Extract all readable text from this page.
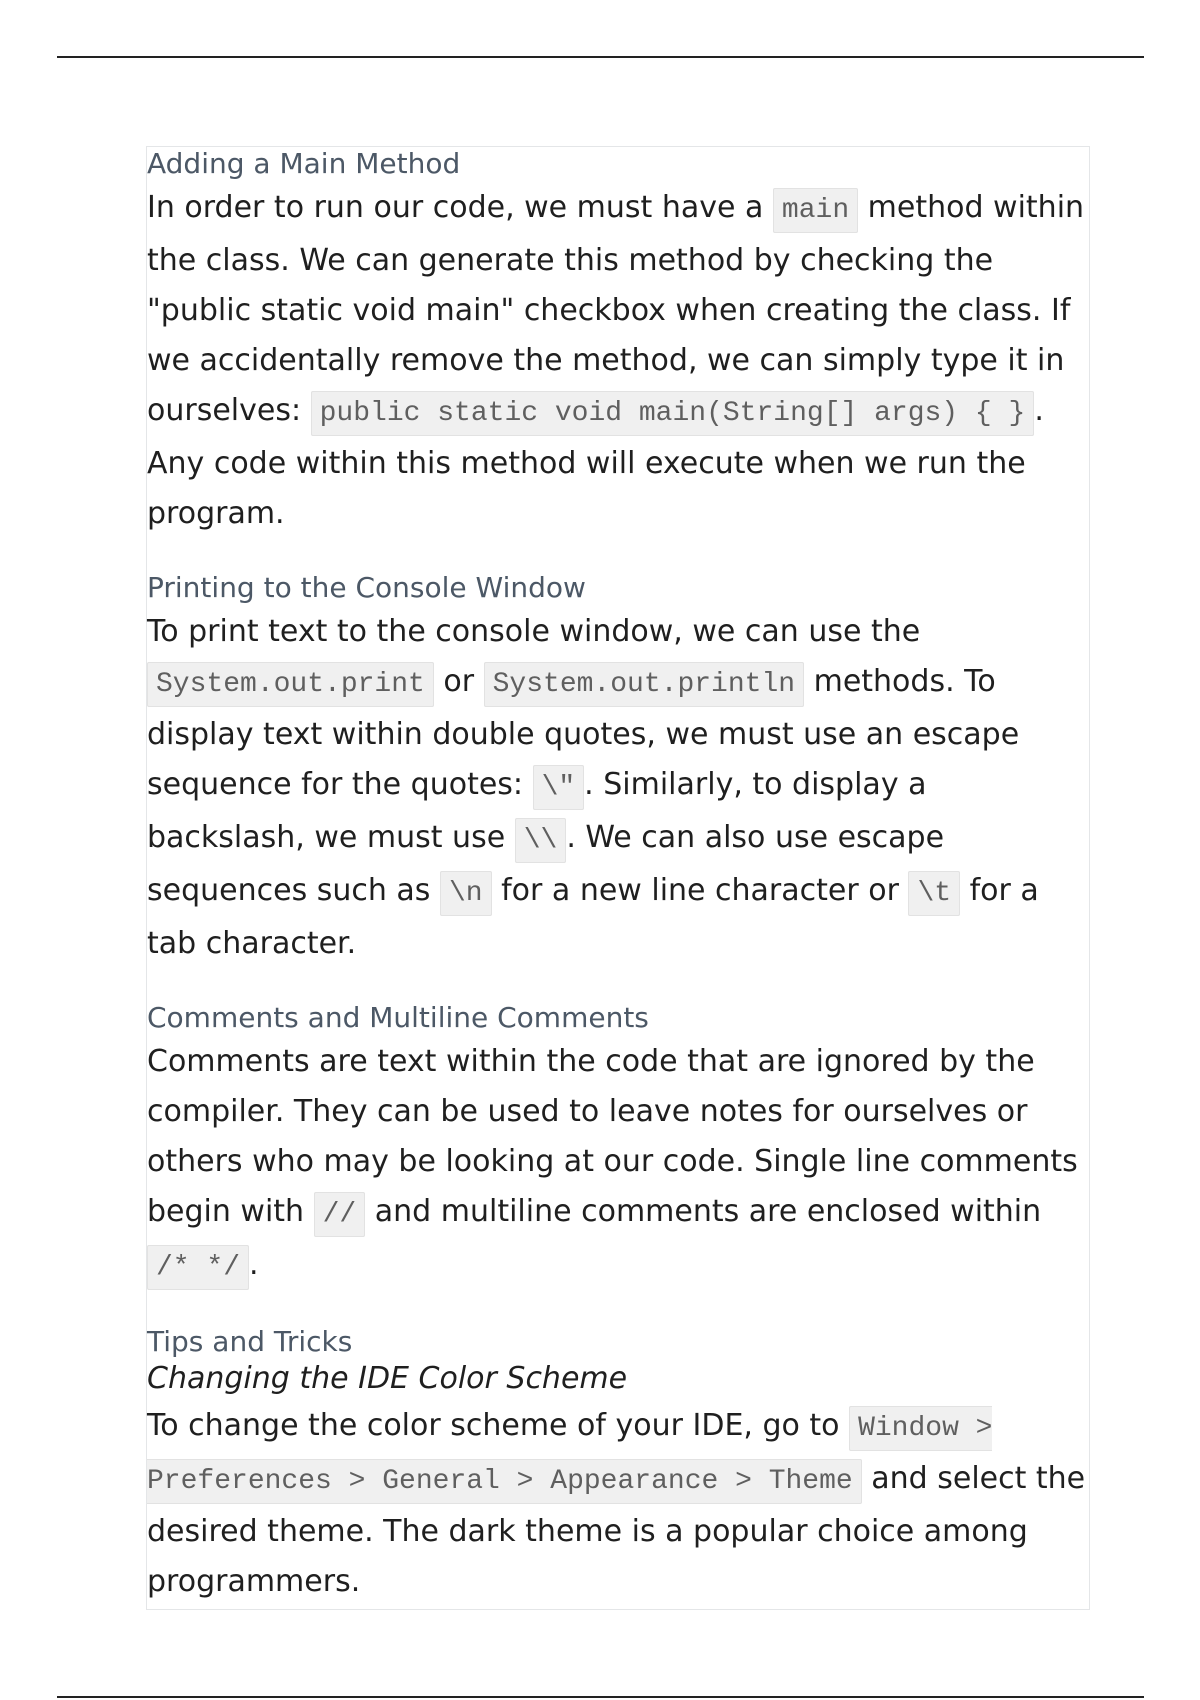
Adding a Main Method

In order to run our code, we must have a main method within the class. We can generate this method by checking the "public static void main" checkbox when creating the class. If we accidentally remove the method, we can simply type it in ourselves: public static void main(String[] args) { } . Any code within this method will execute when we run the program.

Printing to the Console Window

To print text to the console window, we can use the System.out.print or System.out.println methods. To display text within double quotes, we must use an escape sequence for the quotes: \" . Similarly, to display a backslash, we must use \\ . We can also use escape sequences such as \n for a new line character or \t for a tab character.

Comments and Multiline Comments

Comments are text within the code that are ignored by the compiler. They can be used to leave notes for ourselves or others who may be looking at our code. Single line comments begin with // and multiline comments are enclosed within /* */ .

Tips and Tricks
Changing the IDE Color Scheme

To change the color scheme of your IDE, go to Window > Preferences > General > Appearance > Theme and select the desired theme. The dark theme is a popular choice among programmers.
